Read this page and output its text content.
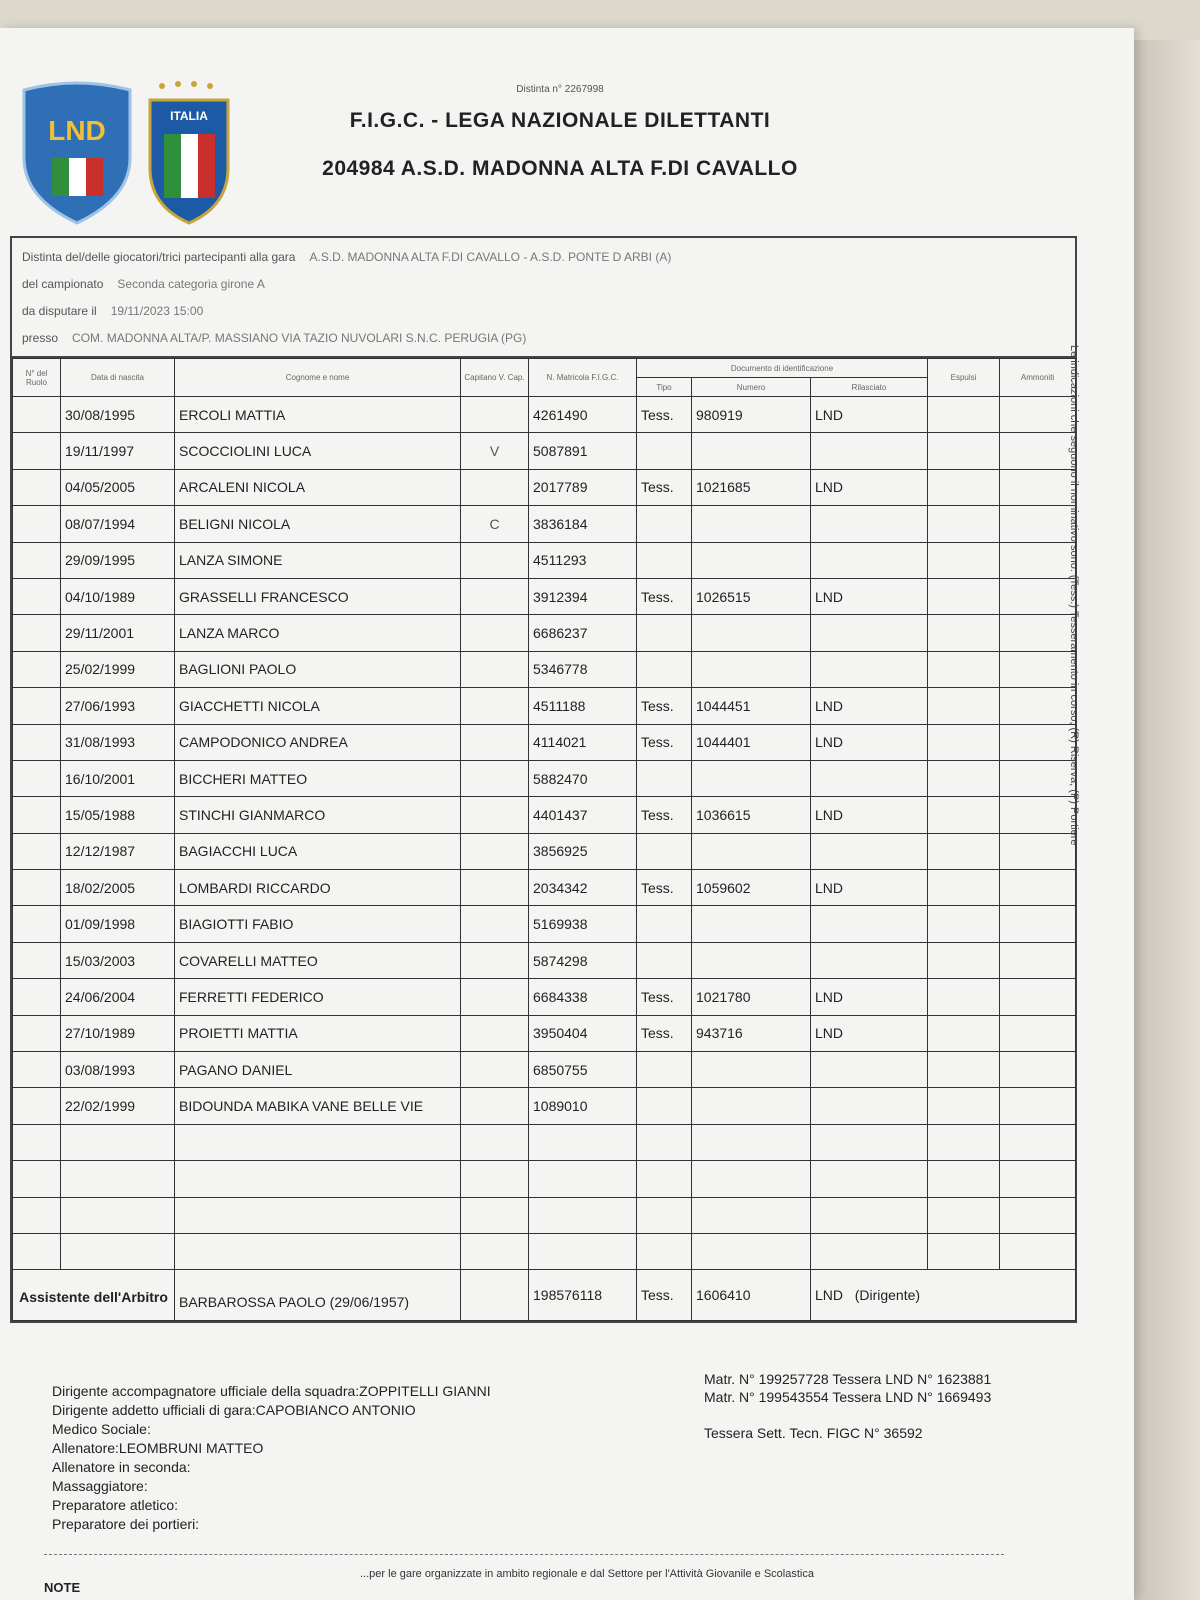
LND	ITALIA
Distinta n° 2267998
F.I.G.C. - LEGA NAZIONALE DILETTANTI
204984 A.S.D. MADONNA ALTA F.DI CAVALLO
Distinta del/delle giocatori/trici partecipanti alla gara A.S.D. MADONNA ALTA F.DI CAVALLO - A.S.D. PONTE D ARBI (A)
del campionato Seconda categoria girone A
da disputare il 19/11/2023 15:00
presso COM. MADONNA ALTA/P. MASSIANO VIA TAZIO NUVOLARI S.N.C. PERUGIA (PG)
N° del Ruolo	Data di nascita	Cognome e nome	Capitano V. Cap.	N. Matricola F.I.G.C.	Documento di identificazione			Espulsi	Ammoniti
					Tipo	Numero	Rilasciato		
	30/08/1995	ERCOLI MATTIA		4261490	Tess.	980919	LND		
	19/11/1997	SCOCCIOLINI LUCA	V	5087891					
	04/05/2005	ARCALENI NICOLA		2017789	Tess.	1021685	LND		
	08/07/1994	BELIGNI NICOLA	C	3836184					
	29/09/1995	LANZA SIMONE		4511293					
	04/10/1989	GRASSELLI FRANCESCO		3912394	Tess.	1026515	LND		
	29/11/2001	LANZA MARCO		6686237					
	25/02/1999	BAGLIONI PAOLO		5346778					
	27/06/1993	GIACCHETTI NICOLA		4511188	Tess.	1044451	LND		
	31/08/1993	CAMPODONICO ANDREA		4114021	Tess.	1044401	LND		
	16/10/2001	BICCHERI MATTEO		5882470					
	15/05/1988	STINCHI GIANMARCO		4401437	Tess.	1036615	LND		
	12/12/1987	BAGIACCHI LUCA		3856925					
	18/02/2005	LOMBARDI RICCARDO		2034342	Tess.	1059602	LND		
	01/09/1998	BIAGIOTTI FABIO		5169938					
	15/03/2003	COVARELLI MATTEO		5874298					
	24/06/2004	FERRETTI FEDERICO		6684338	Tess.	1021780	LND		
	27/10/1989	PROIETTI MATTIA		3950404	Tess.	943716	LND		
	03/08/1993	PAGANO DANIEL		6850755					
	22/02/1999	BIDOUNDA MABIKA VANE BELLE VIE		1089010					

Assistente dell'Arbitro		BARBAROSSA PAOLO (29/06/1957)		198576118	Tess.	1606410	LND (Dirigente)		
Le indicazioni che seguono il nominativo sono: (Tess.) Tesseramento in corso, (R) Riserva, (P) Portiere
Dirigente accompagnatore ufficiale della squadra:ZOPPITELLI GIANNI
Dirigente addetto ufficiali di gara:CAPOBIANCO ANTONIO
Medico Sociale:
Allenatore:LEOMBRUNI MATTEO
Allenatore in seconda:
Massaggiatore:
Preparatore atletico:
Preparatore dei portieri:
Matr. N° 199257728 Tessera LND N° 1623881
Matr. N° 199543554 Tessera LND N° 1669493
Tessera Sett. Tecn. FIGC N° 36592
NOTE
...per le gare organizzate in ambito regionale e dal Settore per l'Attività Giovanile e Scolastica
